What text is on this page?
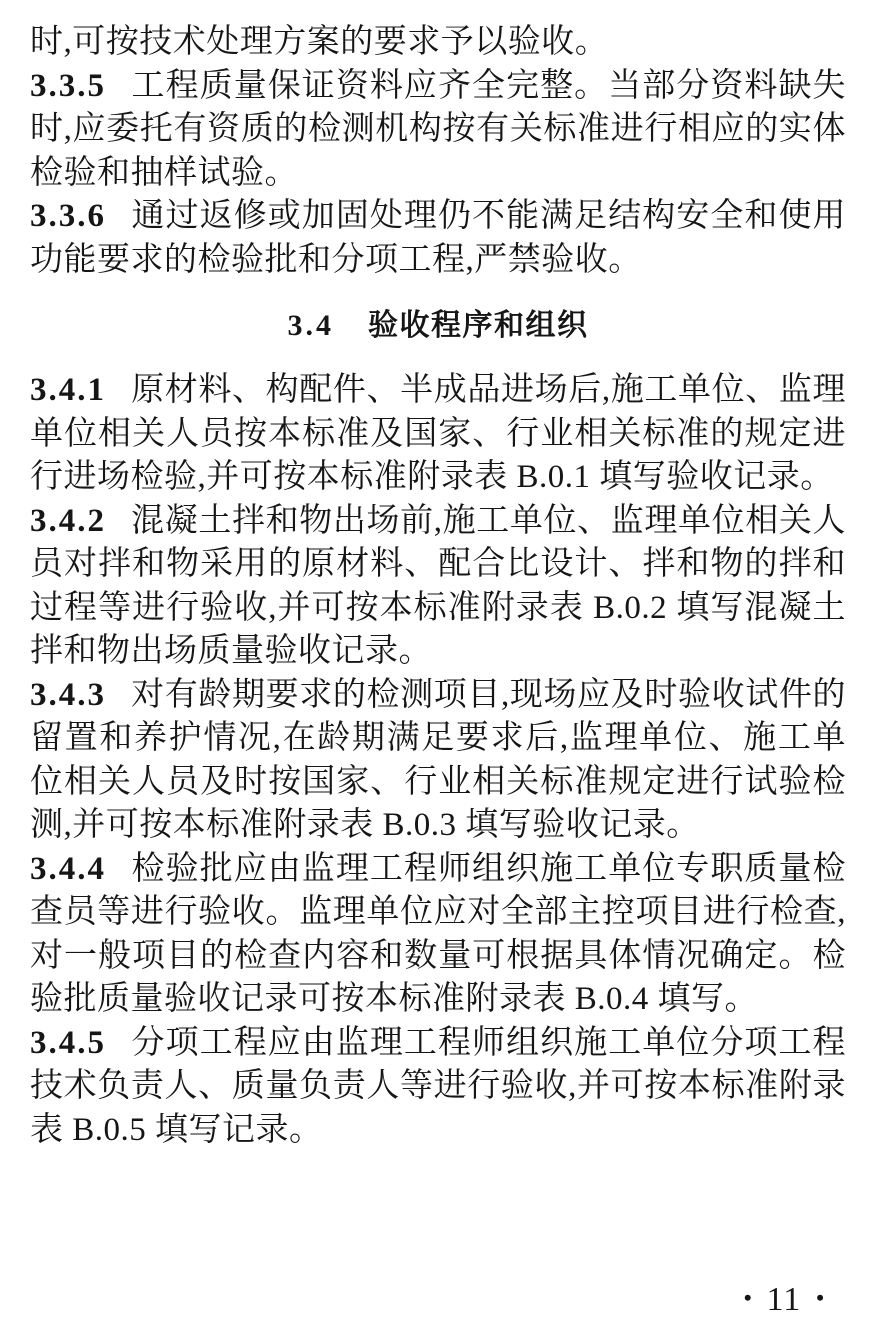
时,可按技术处理方案的要求予以验收。

3.3.5 工程质量保证资料应齐全完整。当部分资料缺失时,应委托有资质的检测机构按有关标准进行相应的实体检验和抽样试验。

3.3.6 通过返修或加固处理仍不能满足结构安全和使用功能要求的检验批和分项工程,严禁验收。

3.4 验收程序和组织

3.4.1 原材料、构配件、半成品进场后,施工单位、监理单位相关人员按本标准及国家、行业相关标准的规定进行进场检验,并可按本标准附录表 B.0.1 填写验收记录。

3.4.2 混凝土拌和物出场前,施工单位、监理单位相关人员对拌和物采用的原材料、配合比设计、拌和物的拌和过程等进行验收,并可按本标准附录表 B.0.2 填写混凝土拌和物出场质量验收记录。

3.4.3 对有龄期要求的检测项目,现场应及时验收试件的留置和养护情况,在龄期满足要求后,监理单位、施工单位相关人员及时按国家、行业相关标准规定进行试验检测,并可按本标准附录表 B.0.3 填写验收记录。

3.4.4 检验批应由监理工程师组织施工单位专职质量检查员等进行验收。监理单位应对全部主控项目进行检查,对一般项目的检查内容和数量可根据具体情况确定。检验批质量验收记录可按本标准附录表 B.0.4 填写。

3.4.5 分项工程应由监理工程师组织施工单位分项工程技术负责人、质量负责人等进行验收,并可按本标准附录表 B.0.5 填写记录。

• 11 •
